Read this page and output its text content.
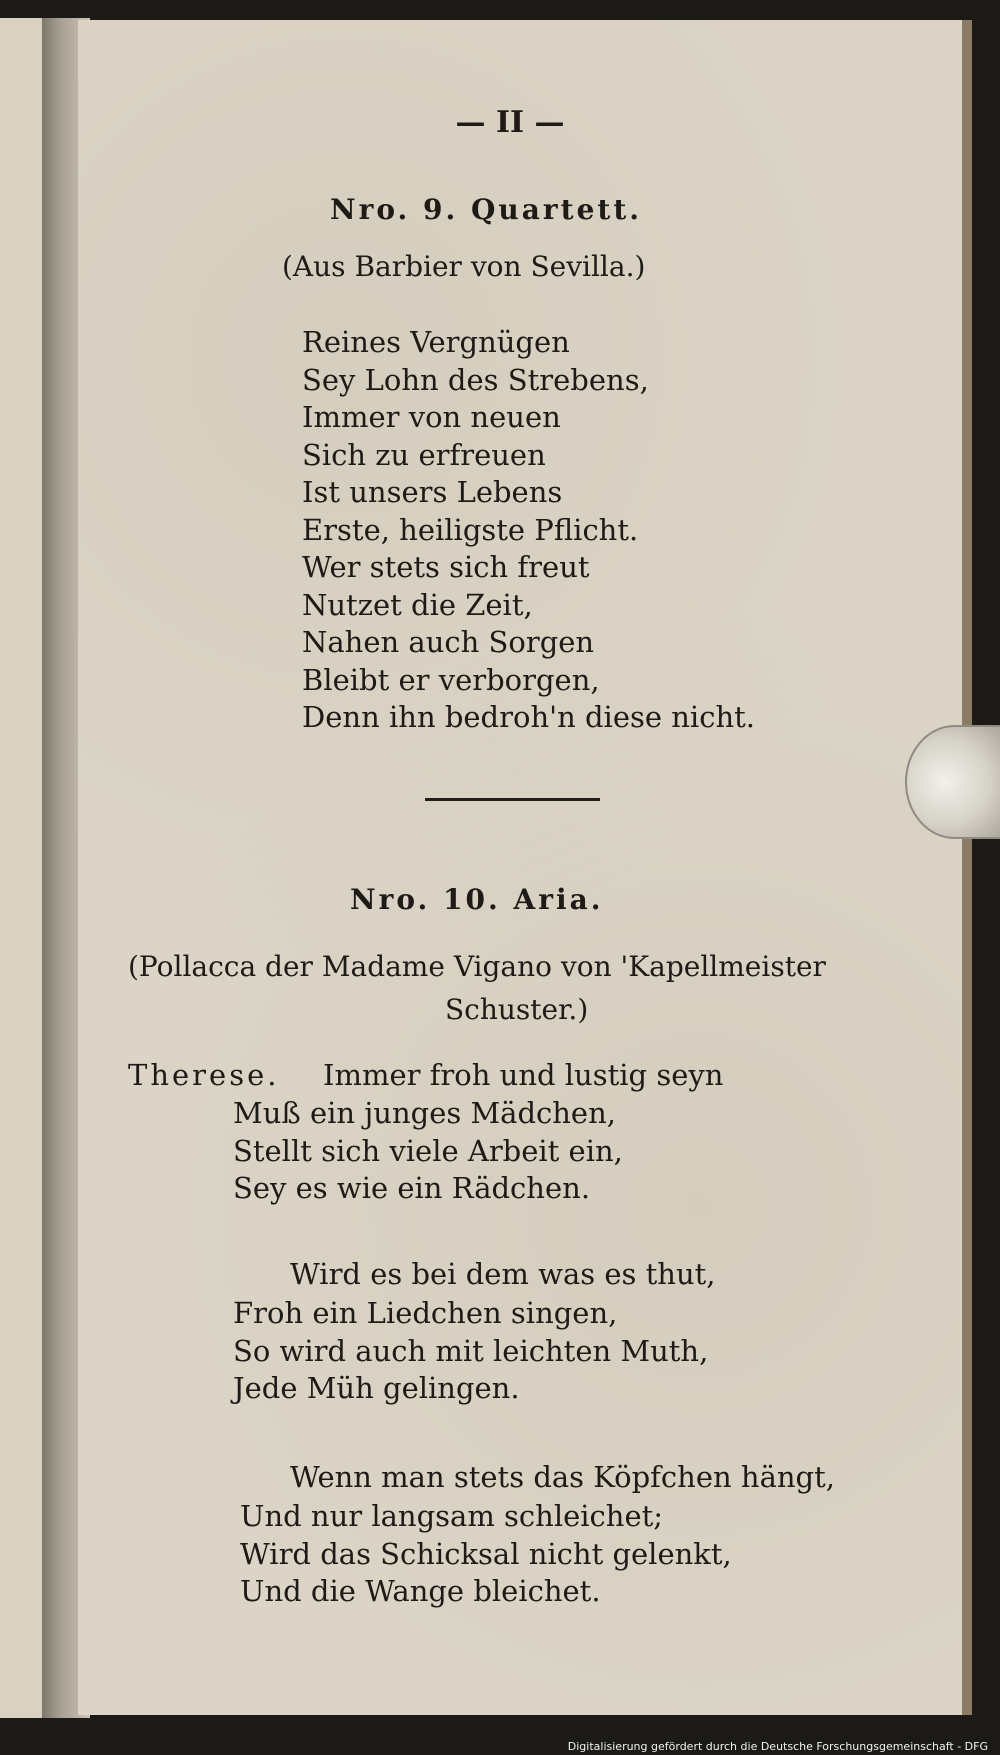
— II —
Nro. 9. Quartett.
(Aus Barbier von Sevilla.)
Reines Vergnügen
Sey Lohn des Strebens,
Immer von neuen
Sich zu erfreuen
Ist unsers Lebens
Erste, heiligste Pflicht.
Wer stets sich freut
Nutzet die Zeit,
Nahen auch Sorgen
Bleibt er verborgen,
Denn ihn bedroh'n diese nicht.
Nro. 10. Aria.
(Pollacca der Madame Vigano von 'Kapellmeister
Schuster.)
Therese. Immer froh und lustig seyn
Muß ein junges Mädchen,
Stellt sich viele Arbeit ein,
Sey es wie ein Rädchen.
Wird es bei dem was es thut,
Froh ein Liedchen singen,
So wird auch mit leichten Muth,
Jede Müh gelingen.
Wenn man stets das Köpfchen hängt,
Und nur langsam schleichet;
Wird das Schicksal nicht gelenkt,
Und die Wange bleichet.
Digitalisierung gefördert durch die Deutsche Forschungsgemeinschaft - DFG
